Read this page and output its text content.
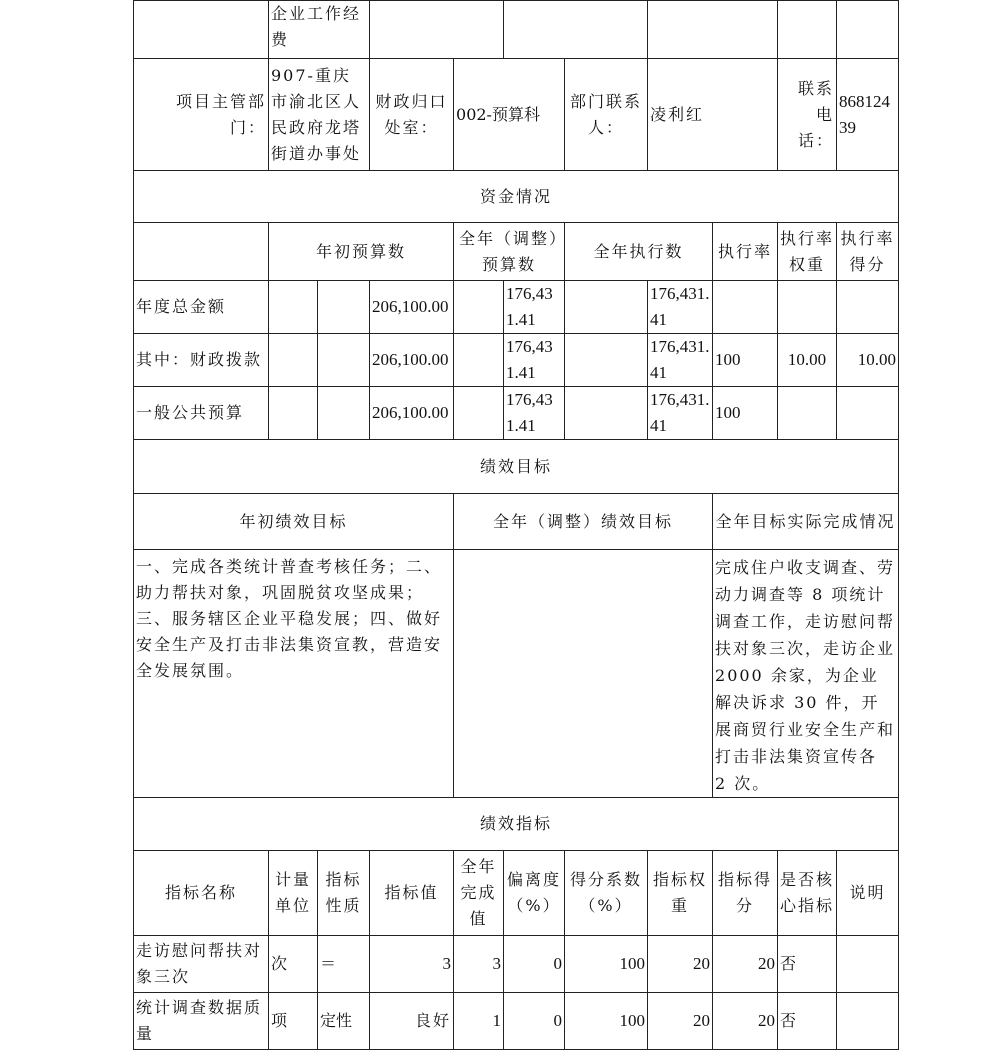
	企业工作经费									
项目主管部门：	907-重庆市渝北区人民政府龙塔街道办事处		财政归口处室：	002-预算科		部门联系人：	凌利红		联系电话：	86812439
资金情况										
	年初预算数			全年（调整）预算数		全年执行数		执行率	执行率权重	执行率得分
年度总金额			206,100.00		176,431.41		176,431.41			
其中：财政拨款			206,100.00		176,431.41		176,431.41	100	10.00	10.00
一般公共预算			206,100.00		176,431.41		176,431.41	100		
绩效目标										
年初绩效目标				全年（调整）绩效目标				全年目标实际完成情况		
一、完成各类统计普查考核任务；二、助力帮扶对象，巩固脱贫攻坚成果；三、服务辖区企业平稳发展；四、做好安全生产及打击非法集资宣教，营造安全发展氛围。								完成住户收支调查、劳动力调查等 8 项统计调查工作，走访慰问帮扶对象三次，走访企业 2000 余家，为企业解决诉求 30 件，开展商贸行业安全生产和打击非法集资宣传各 2 次。		
绩效指标										
指标名称	计量单位	指标性质	指标值	全年完成值	偏离度（%）	得分系数（%）	指标权重	指标得分	是否核心指标	说明
走访慰问帮扶对象三次	次	＝	3	3	0	100	20	20	否	
统计调查数据质量	项	定性	良好	1	0	100	20	20	否	
